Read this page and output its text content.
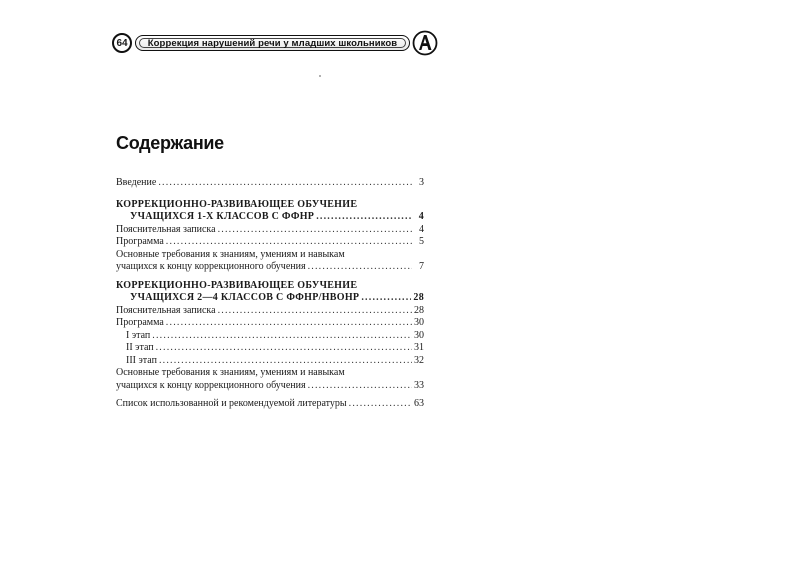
64	Коррекция нарушений речи у младших школьников
Содержание
Введение .....	3
КОРРЕКЦИОННО-РАЗВИВАЮЩЕЕ ОБУЧЕНИЕ
УЧАЩИХСЯ 1-Х КЛАССОВ С ФФНР .....	4
Пояснительная записка .....	4
Программа .....	5
Основные требования к знаниям, умениям и навыкам
учащихся к концу коррекционного обучения .....	7
КОРРЕКЦИОННО-РАЗВИВАЮЩЕЕ ОБУЧЕНИЕ
УЧАЩИХСЯ 2—4 КЛАССОВ С ФФНР/НВОНР .....	28
Пояснительная записка .....	28
Программа .....	30
I этап .....	30
II этап .....	31
III этап .....	32
Основные требования к знаниям, умениям и навыкам
учащихся к концу коррекционного обучения .....	33
Список использованной и рекомендуемой литературы .....	63
